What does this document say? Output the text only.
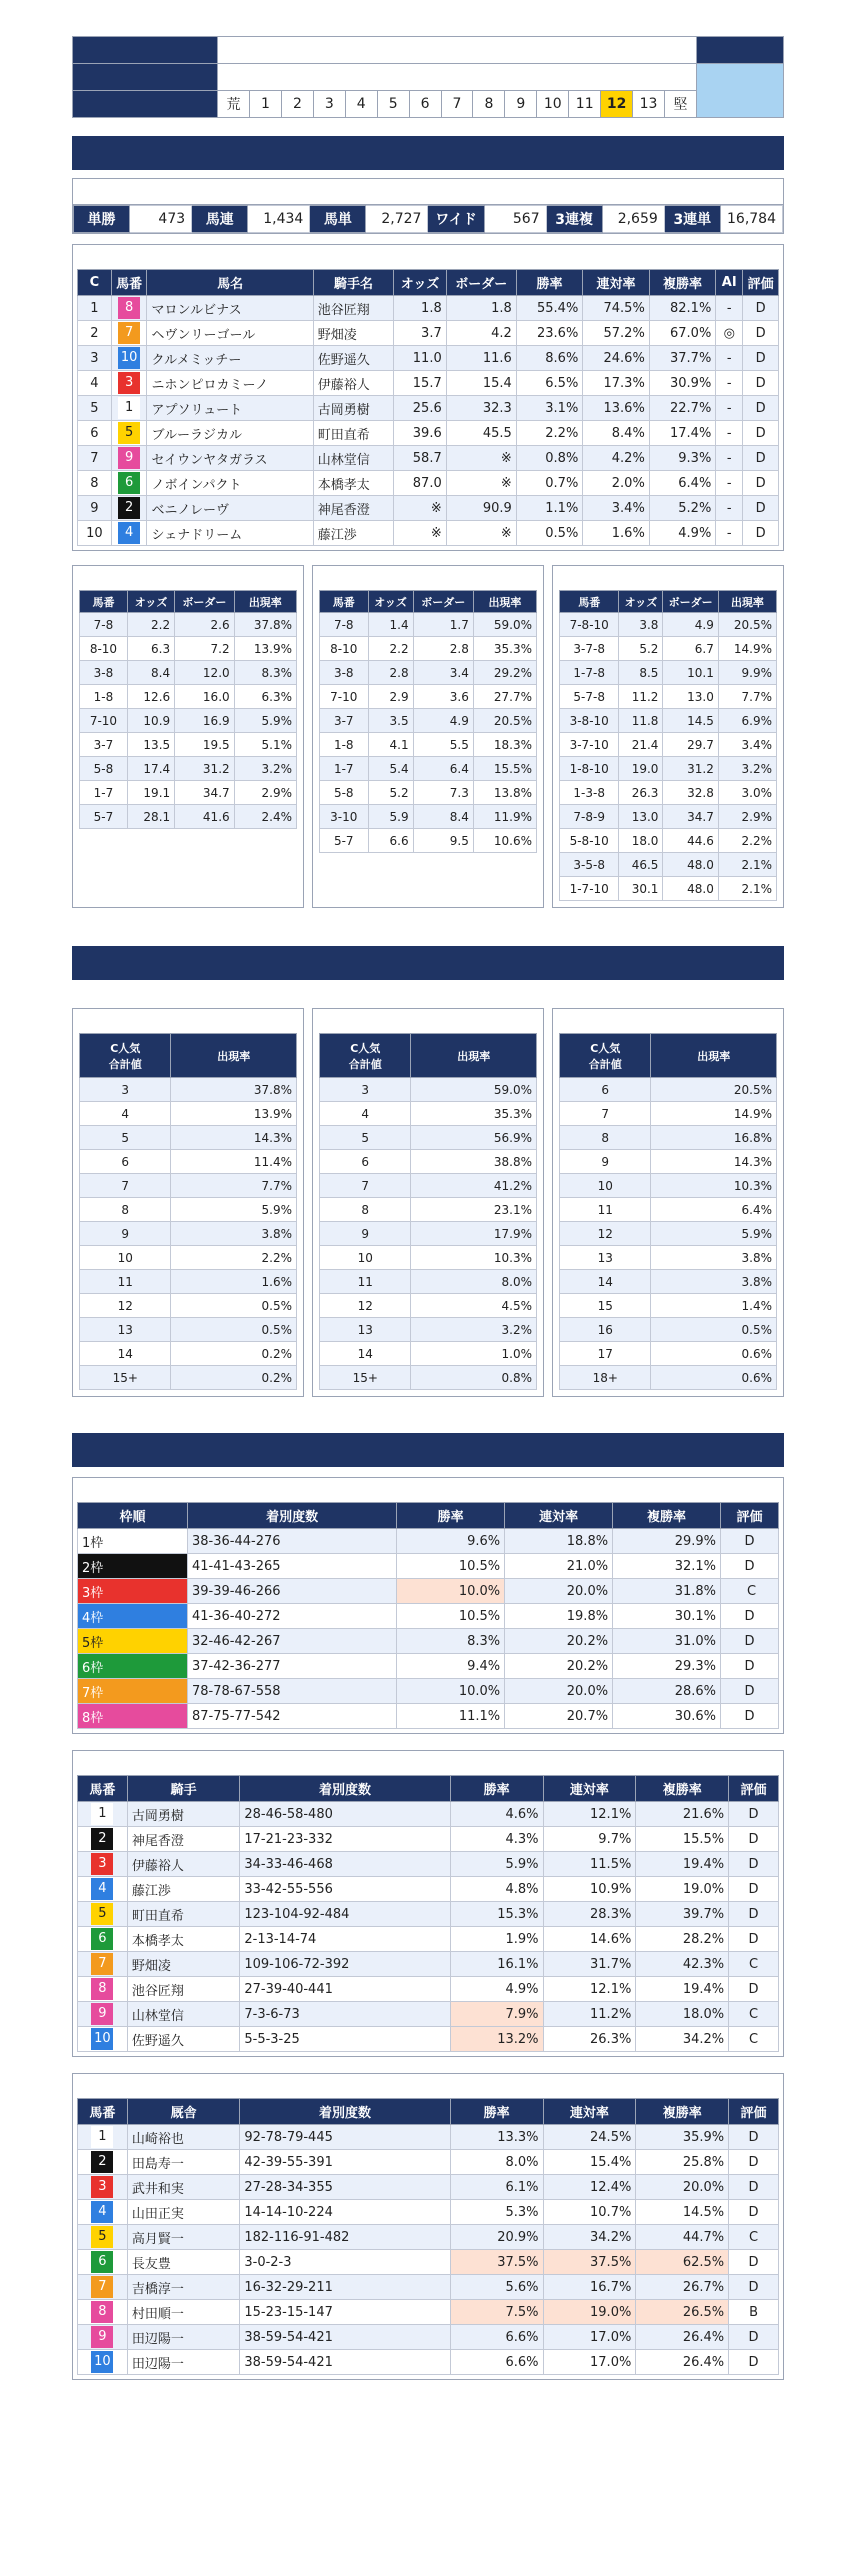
	荒	1	2	3	4	5	6	7	8	9	10	11	12	13	堅	
単勝	473	馬連	1,434	馬単	2,727	ワイド	567	3連複	2,659	3連単	16,784
C	馬番	馬名	騎手名	オッズ	ボーダー	勝率	連対率	複勝率	AI	評価
1	8	マロンルビナス	池谷匠翔	1.8	1.8	55.4%	74.5%	82.1%	-	D
2	7	ヘヴンリーゴール	野畑凌	3.7	4.2	23.6%	57.2%	67.0%	◎	D
3	10	クルメミッチー	佐野遥久	11.0	11.6	8.6%	24.6%	37.7%	-	D
4	3	ニホンピロカミーノ	伊藤裕人	15.7	15.4	6.5%	17.3%	30.9%	-	D
5	1	アプソリュート	古岡勇樹	25.6	32.3	3.1%	13.6%	22.7%	-	D
6	5	ブルーラジカル	町田直希	39.6	45.5	2.2%	8.4%	17.4%	-	D
7	9	セイウンヤタガラス	山林堂信	58.7	※	0.8%	4.2%	9.3%	-	D
8	6	ノボインパクト	本橋孝太	87.0	※	0.7%	2.0%	6.4%	-	D
9	2	ベニノレーヴ	神尾香澄	※	90.9	1.1%	3.4%	5.2%	-	D
10	4	シェナドリーム	藤江渉	※	※	0.5%	1.6%	4.9%	-	D
馬番	オッズ	ボーダー	出現率
7-8	2.2	2.6	37.8%
8-10	6.3	7.2	13.9%
3-8	8.4	12.0	8.3%
1-8	12.6	16.0	6.3%
7-10	10.9	16.9	5.9%
3-7	13.5	19.5	5.1%
5-8	17.4	31.2	3.2%
1-7	19.1	34.7	2.9%
5-7	28.1	41.6	2.4%
馬番	オッズ	ボーダー	出現率
7-8	1.4	1.7	59.0%
8-10	2.2	2.8	35.3%
3-8	2.8	3.4	29.2%
7-10	2.9	3.6	27.7%
3-7	3.5	4.9	20.5%
1-8	4.1	5.5	18.3%
1-7	5.4	6.4	15.5%
5-8	5.2	7.3	13.8%
3-10	5.9	8.4	11.9%
5-7	6.6	9.5	10.6%
馬番	オッズ	ボーダー	出現率
7-8-10	3.8	4.9	20.5%
3-7-8	5.2	6.7	14.9%
1-7-8	8.5	10.1	9.9%
5-7-8	11.2	13.0	7.7%
3-8-10	11.8	14.5	6.9%
3-7-10	21.4	29.7	3.4%
1-8-10	19.0	31.2	3.2%
1-3-8	26.3	32.8	3.0%
7-8-9	13.0	34.7	2.9%
5-8-10	18.0	44.6	2.2%
3-5-8	46.5	48.0	2.1%
1-7-10	30.1	48.0	2.1%
C人気
合計値	出現率
3	37.8%
4	13.9%
5	14.3%
6	11.4%
7	7.7%
8	5.9%
9	3.8%
10	2.2%
11	1.6%
12	0.5%
13	0.5%
14	0.2%
15+	0.2%
C人気
合計値	出現率
3	59.0%
4	35.3%
5	56.9%
6	38.8%
7	41.2%
8	23.1%
9	17.9%
10	10.3%
11	8.0%
12	4.5%
13	3.2%
14	1.0%
15+	0.8%
C人気
合計値	出現率
6	20.5%
7	14.9%
8	16.8%
9	14.3%
10	10.3%
11	6.4%
12	5.9%
13	3.8%
14	3.8%
15	1.4%
16	0.5%
17	0.6%
18+	0.6%
枠順	着別度数	勝率	連対率	複勝率	評価
1枠	38-36-44-276	9.6%	18.8%	29.9%	D
2枠	41-41-43-265	10.5%	21.0%	32.1%	D
3枠	39-39-46-266	10.0%	20.0%	31.8%	C
4枠	41-36-40-272	10.5%	19.8%	30.1%	D
5枠	32-46-42-267	8.3%	20.2%	31.0%	D
6枠	37-42-36-277	9.4%	20.2%	29.3%	D
7枠	78-78-67-558	10.0%	20.0%	28.6%	D
8枠	87-75-77-542	11.1%	20.7%	30.6%	D
馬番	騎手	着別度数	勝率	連対率	複勝率	評価
1	古岡勇樹	28-46-58-480	4.6%	12.1%	21.6%	D
2	神尾香澄	17-21-23-332	4.3%	9.7%	15.5%	D
3	伊藤裕人	34-33-46-468	5.9%	11.5%	19.4%	D
4	藤江渉	33-42-55-556	4.8%	10.9%	19.0%	D
5	町田直希	123-104-92-484	15.3%	28.3%	39.7%	D
6	本橋孝太	2-13-14-74	1.9%	14.6%	28.2%	D
7	野畑凌	109-106-72-392	16.1%	31.7%	42.3%	C
8	池谷匠翔	27-39-40-441	4.9%	12.1%	19.4%	D
9	山林堂信	7-3-6-73	7.9%	11.2%	18.0%	C
10	佐野遥久	5-5-3-25	13.2%	26.3%	34.2%	C
馬番	厩舎	着別度数	勝率	連対率	複勝率	評価
1	山崎裕也	92-78-79-445	13.3%	24.5%	35.9%	D
2	田島寿一	42-39-55-391	8.0%	15.4%	25.8%	D
3	武井和実	27-28-34-355	6.1%	12.4%	20.0%	D
4	山田正実	14-14-10-224	5.3%	10.7%	14.5%	D
5	高月賢一	182-116-91-482	20.9%	34.2%	44.7%	C
6	長友豊	3-0-2-3	37.5%	37.5%	62.5%	D
7	吉橋淳一	16-32-29-211	5.6%	16.7%	26.7%	D
8	村田順一	15-23-15-147	7.5%	19.0%	26.5%	B
9	田辺陽一	38-59-54-421	6.6%	17.0%	26.4%	D
10	田辺陽一	38-59-54-421	6.6%	17.0%	26.4%	D
